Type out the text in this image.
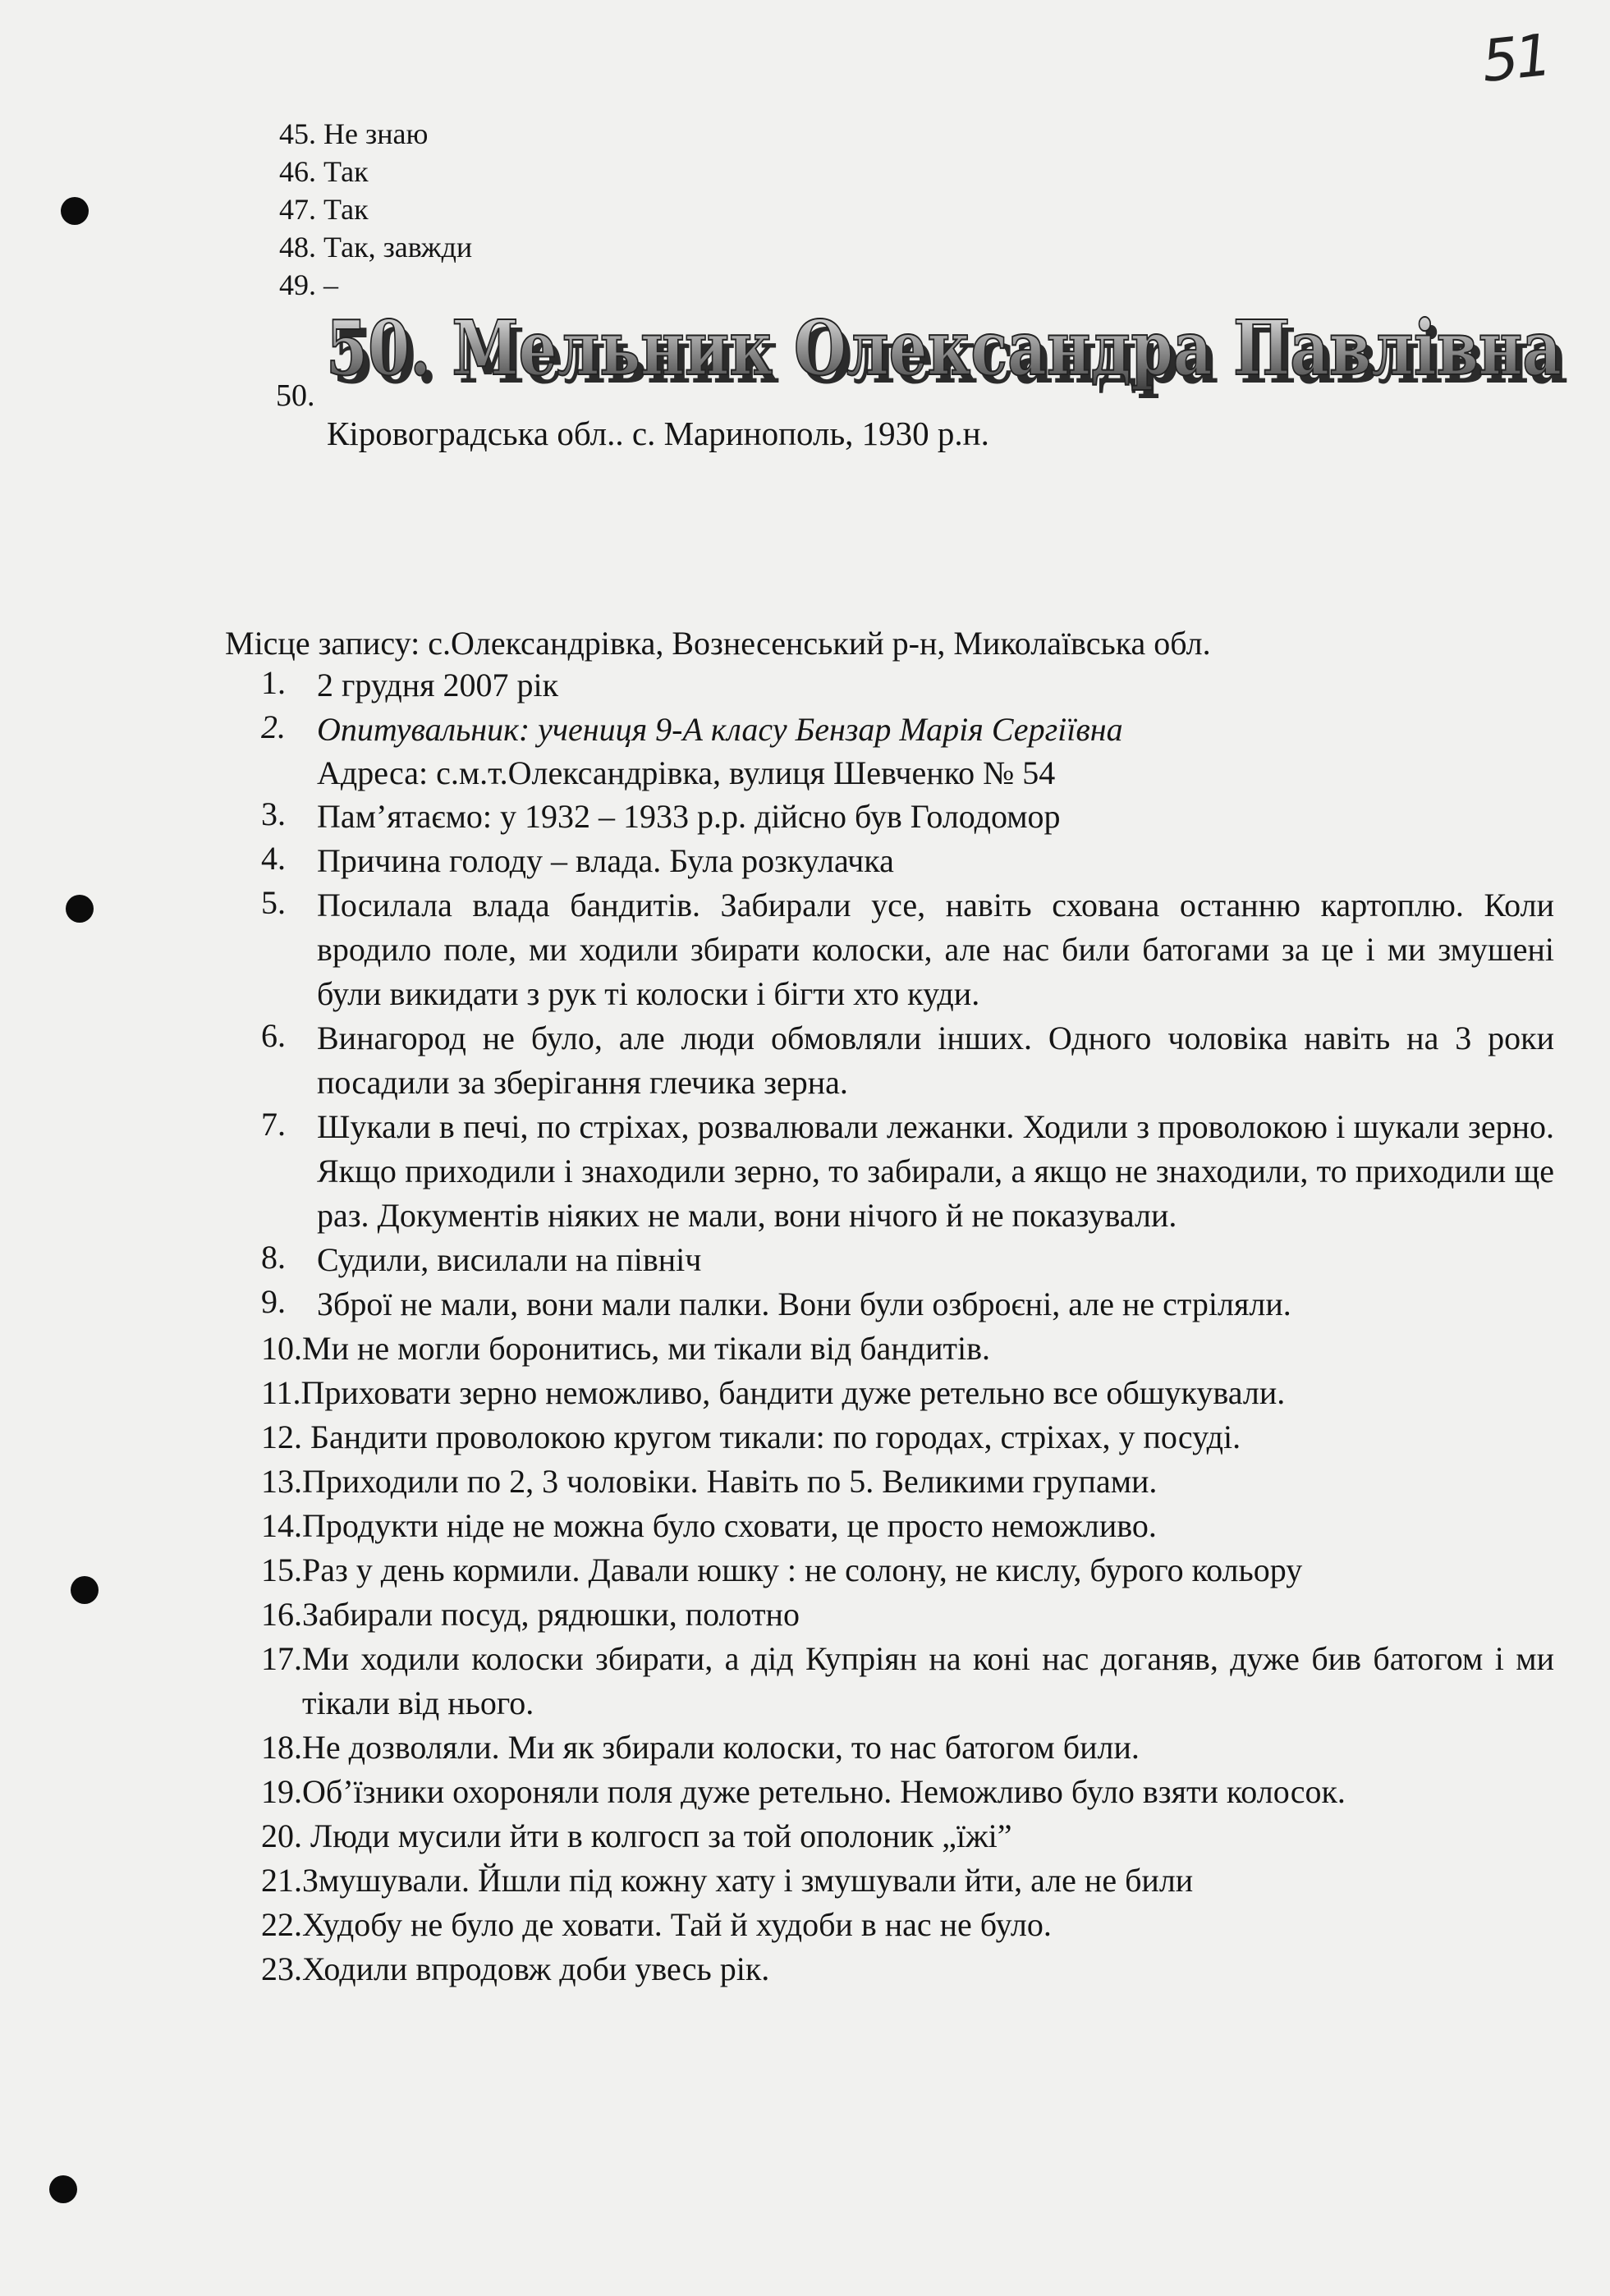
51
45. Не знаю
46. Так
47. Так
48. Так, завжди
49. –
50. 50. Мельник Олександра Павлівна
50. Мельник Олександра Павлівна
Кіровоградська обл.. с. Маринополь, 1930 р.н.
Місце запису: с.Олександрівка, Вознесенський р-н, Миколаївська обл.
1. 2 грудня 2007 рік
2. Опитувальник: учениця 9-А класу Бензар Марія Сергіївна
Адреса: с.м.т.Олександрівка, вулиця Шевченко № 54
3. Пам’ятаємо: у 1932 – 1933 р.р. дійсно був Голодомор
4. Причина голоду – влада. Була розкулачка
5. Посилала влада бандитів. Забирали усе, навіть схована останню картоплю. Коли вродило поле, ми ходили збирати колоски, але нас били батогами за це і ми змушені були викидати з рук ті колоски і бігти хто куди.
6. Винагород не було, але люди обмовляли інших. Одного чоловіка навіть на 3 роки посадили за зберігання глечика зерна.
7. Шукали в печі, по стріхах, розвалювали лежанки. Ходили з проволокою і шукали зерно. Якщо приходили і знаходили зерно, то забирали, а якщо не знаходили, то приходили ще раз. Документів ніяких не мали, вони нічого й не показували.
8. Судили, висилали на північ
9. Зброї не мали, вони мали палки. Вони були озброєні, але не стріляли.
10.Ми не могли боронитись, ми тікали від бандитів.
11.Приховати зерно неможливо, бандити дуже ретельно все обшукували.
12. Бандити проволокою кругом тикали: по городах, стріхах, у посуді.
13.Приходили по 2, 3 чоловіки. Навіть по 5. Великими групами.
14.Продукти ніде не можна було сховати, це просто неможливо.
15.Раз у день кормили. Давали юшку : не солону, не кислу, бурого кольору
16.Забирали посуд, рядюшки, полотно
17.Ми ходили колоски збирати, а дід Купріян на коні нас доганяв, дуже бив батогом і ми тікали від нього.
18.Не дозволяли. Ми як збирали колоски, то нас батогом били.
19.Об’їзники охороняли поля дуже ретельно. Неможливо було взяти колосок.
20. Люди мусили йти в колгосп за той ополоник „їжі”
21.Змушували. Йшли під кожну хату і змушували йти, але не били
22.Худобу не було де ховати. Тай й худоби в нас не було.
23.Ходили впродовж доби увесь рік.
